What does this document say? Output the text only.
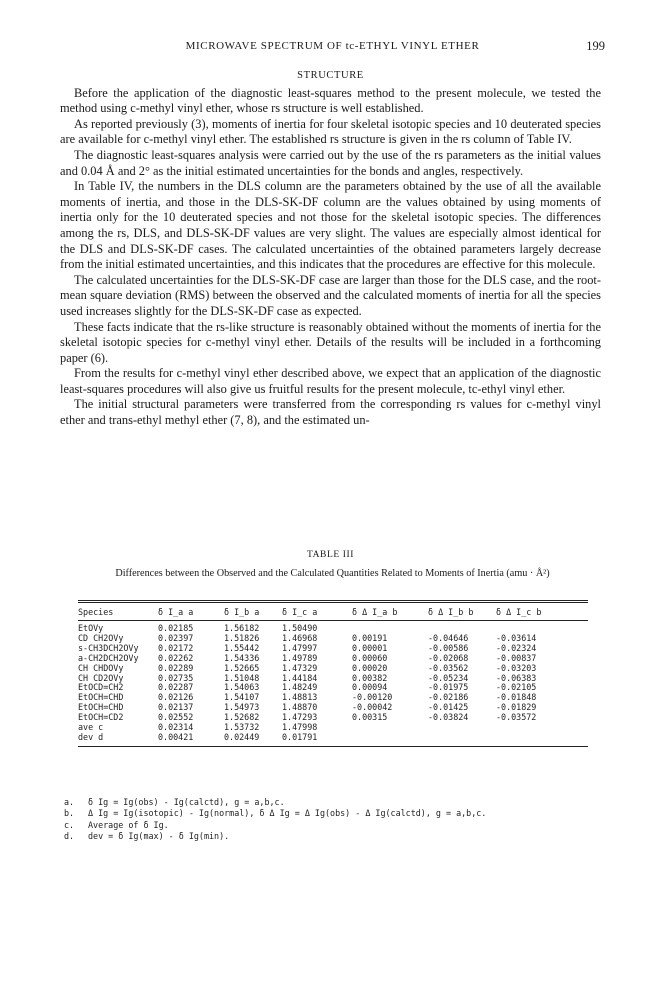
MICROWAVE SPECTRUM OF tc-ETHYL VINYL ETHER	199
STRUCTURE

Before the application of the diagnostic least-squares method to the present molecule, we tested the method using c-methyl vinyl ether, whose rs structure is well established.

As reported previously (3), moments of inertia for four skeletal isotopic species and 10 deuterated species are available for c-methyl vinyl ether. The established rs structure is given in the rs column of Table IV.

The diagnostic least-squares analysis were carried out by the use of the rs parameters as the initial values and 0.04 Å and 2° as the initial estimated uncertainties for the bonds and angles, respectively.

In Table IV, the numbers in the DLS column are the parameters obtained by the use of all the available moments of inertia, and those in the DLS-SK-DF column are the values obtained by using moments of inertia only for the 10 deuterated species and not those for the skeletal isotopic species. The differences among the rs, DLS, and DLS-SK-DF values are very slight. The values are especially almost identical for the DLS and DLS-SK-DF cases. The calculated uncertainties of the obtained parameters largely decrease from the initial estimated uncertainties, and this indicates that the procedures are effective for this molecule.

The calculated uncertainties for the DLS-SK-DF case are larger than those for the DLS case, and the root-mean square deviation (RMS) between the observed and the calculated moments of inertia for all the species used increases slightly for the DLS-SK-DF case as expected.

These facts indicate that the rs-like structure is reasonably obtained without the moments of inertia for the skeletal isotopic species for c-methyl vinyl ether. Details of the results will be included in a forthcoming paper (6).

From the results for c-methyl vinyl ether described above, we expect that an application of the diagnostic least-squares procedures will also give us fruitful results for the present molecule, tc-ethyl vinyl ether.

The initial structural parameters were transferred from the corresponding rs values for c-methyl vinyl ether and trans-ethyl methyl ether (7, 8), and the estimated un-

TABLE III
Differences between the Observed and the Calculated Quantities Related to Moments of Inertia (amu · Å²)
Species	δ I_a a	δ I_b a	δ I_c a	δ Δ I_a b	δ Δ I_b b	δ Δ I_c b
EtOVy	0.02185	1.56182	1.50490			
CD CH2OVy	0.02397	1.51826	1.46968	0.00191	-0.04646	-0.03614
s-CH3DCH2OVy	0.02172	1.55442	1.47997	0.00001	-0.00586	-0.02324
a-CH2DCH2OVy	0.02262	1.54336	1.49789	0.00060	-0.02068	-0.00837
CH CHDOVy	0.02289	1.52665	1.47329	0.00020	-0.03562	-0.03203
CH CD2OVy	0.02735	1.51048	1.44184	0.00382	-0.05234	-0.06383
EtOCD=CH2	0.02287	1.54063	1.48249	0.00094	-0.01975	-0.02105
EtOCH=CHD	0.02126	1.54107	1.48813	-0.00120	-0.02186	-0.01848
EtOCH=CHD	0.02137	1.54973	1.48870	-0.00042	-0.01425	-0.01829
EtOCH=CD2	0.02552	1.52682	1.47293	0.00315	-0.03824	-0.03572
ave c	0.02314	1.53732	1.47998			
dev d	0.00421	0.02449	0.01791			
a. δ Ig = Ig(obs) - Ig(calctd), g = a,b,c.
b. Δ Ig = Ig(isotopic) - Ig(normal), δ Δ Ig = Δ Ig(obs) - Δ Ig(calctd), g = a,b,c.
c. Average of δ Ig.
d. dev = δ Ig(max) - δ Ig(min).
